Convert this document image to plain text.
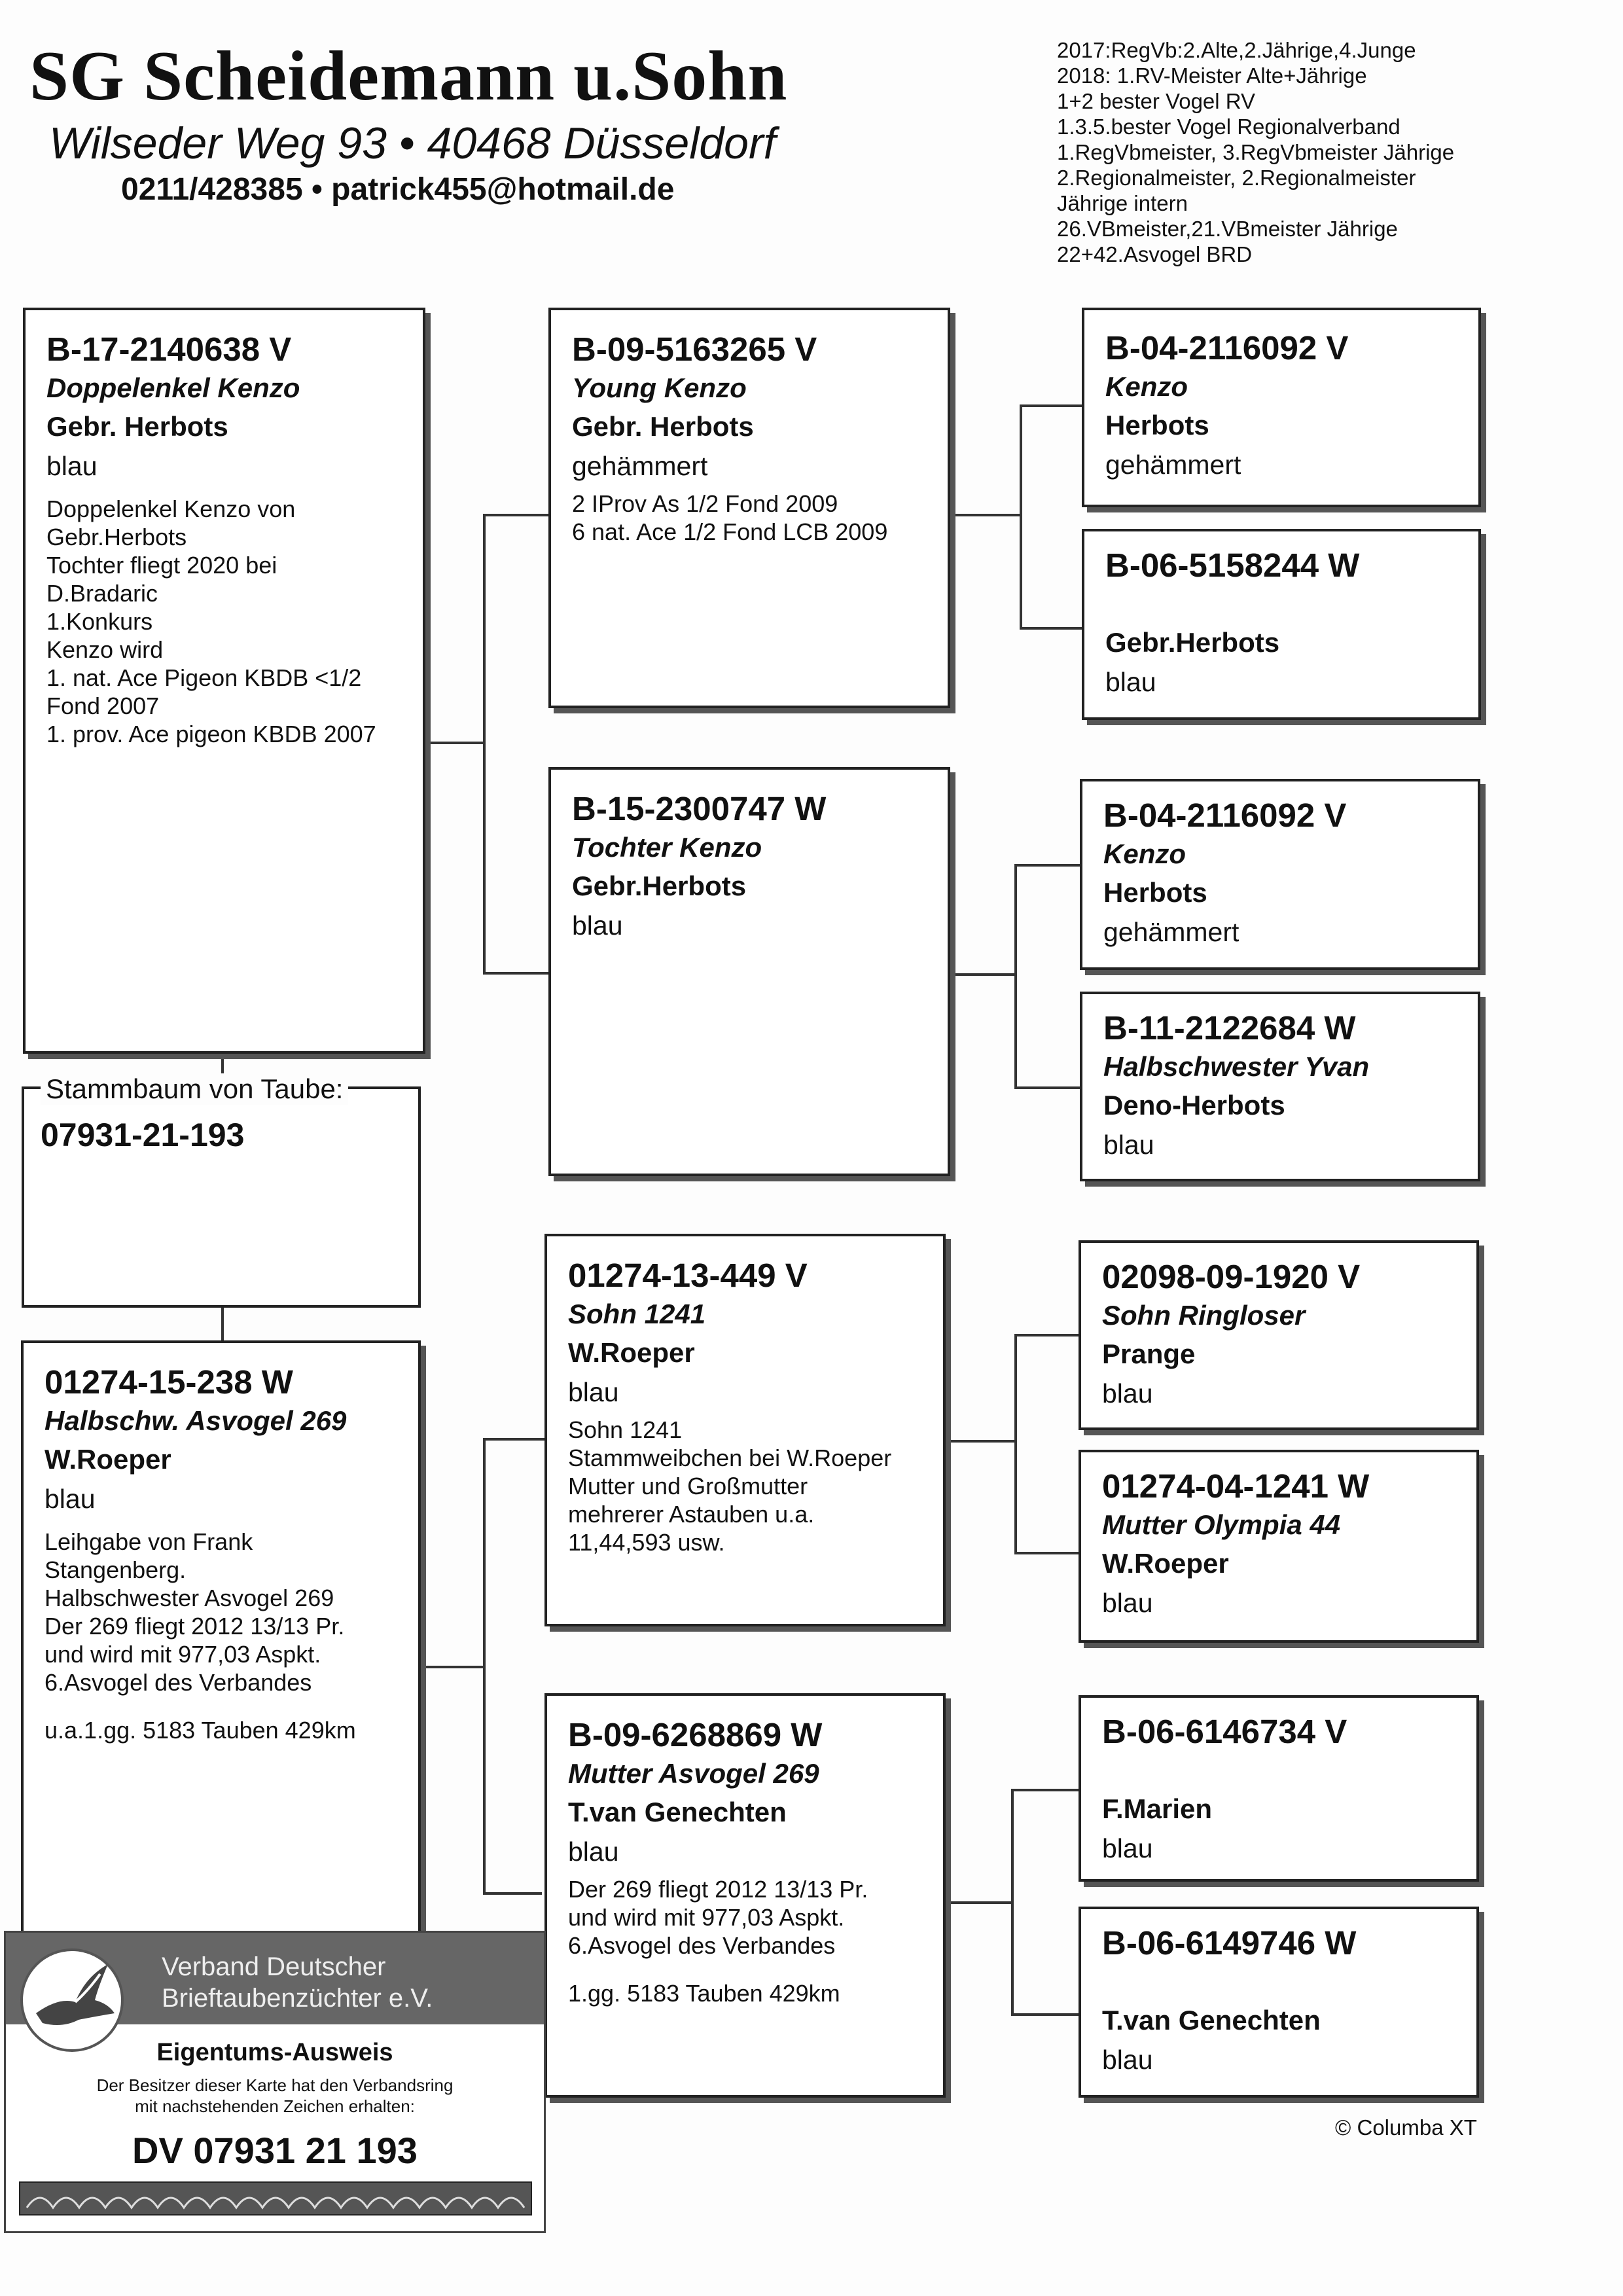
SG Scheidemann u.Sohn
Wilseder Weg 93 • 40468 Düsseldorf
0211/428385 • patrick455@hotmail.de
2017:RegVb:2.Alte,2.Jährige,4.Junge
2018: 1.RV-Meister Alte+Jährige
1+2 bester Vogel RV
1.3.5.bester Vogel Regionalverband
1.RegVbmeister, 3.RegVbmeister Jährige
2.Regionalmeister, 2.Regionalmeister
Jährige intern
26.VBmeister,21.VBmeister Jährige
22+42.Asvogel BRD
B-17-2140638 V
Doppelenkel Kenzo
Gebr. Herbots
blau
Doppelenkel Kenzo von
Gebr.Herbots
Tochter fliegt 2020 bei
D.Bradaric
1.Konkurs
Kenzo wird
1. nat. Ace Pigeon KBDB <1/2
Fond 2007
1. prov. Ace pigeon KBDB 2007
Stammbaum von Taube:
07931-21-193
01274-15-238 W
Halbschw. Asvogel 269
W.Roeper
blau
Leihgabe von Frank
Stangenberg.
Halbschwester Asvogel 269
Der 269 fliegt 2012 13/13 Pr.
und wird mit 977,03 Aspkt.
6.Asvogel des Verbandes
u.a.1.gg. 5183 Tauben 429km
B-09-5163265 V
Young Kenzo
Gebr. Herbots
gehämmert
2 IProv As 1/2 Fond 2009
6 nat. Ace 1/2 Fond LCB 2009
B-15-2300747 W
Tochter Kenzo
Gebr.Herbots
blau
01274-13-449 V
Sohn 1241
W.Roeper
blau
Sohn 1241
Stammweibchen bei W.Roeper
Mutter und Großmutter
mehrerer Astauben u.a.
11,44,593 usw.
B-09-6268869 W
Mutter Asvogel 269
T.van Genechten
blau
Der 269 fliegt 2012 13/13 Pr.
und wird mit 977,03 Aspkt.
6.Asvogel des Verbandes
1.gg. 5183 Tauben 429km
B-04-2116092 V
Kenzo
Herbots
gehämmert
B-06-5158244 W
Gebr.Herbots
blau
B-04-2116092 V
Kenzo
Herbots
gehämmert
B-11-2122684 W
Halbschwester Yvan
Deno-Herbots
blau
02098-09-1920 V
Sohn Ringloser
Prange
blau
01274-04-1241 W
Mutter Olympia 44
W.Roeper
blau
B-06-6146734 V
F.Marien
blau
B-06-6149746 W
T.van Genechten
blau
© Columba XT
Verband Deutscher
Brieftaubenzüchter e.V.
Eigentums-Ausweis
Der Besitzer dieser Karte hat den Verbandsring
mit nachstehenden Zeichen erhalten:
DV 07931 21 193
